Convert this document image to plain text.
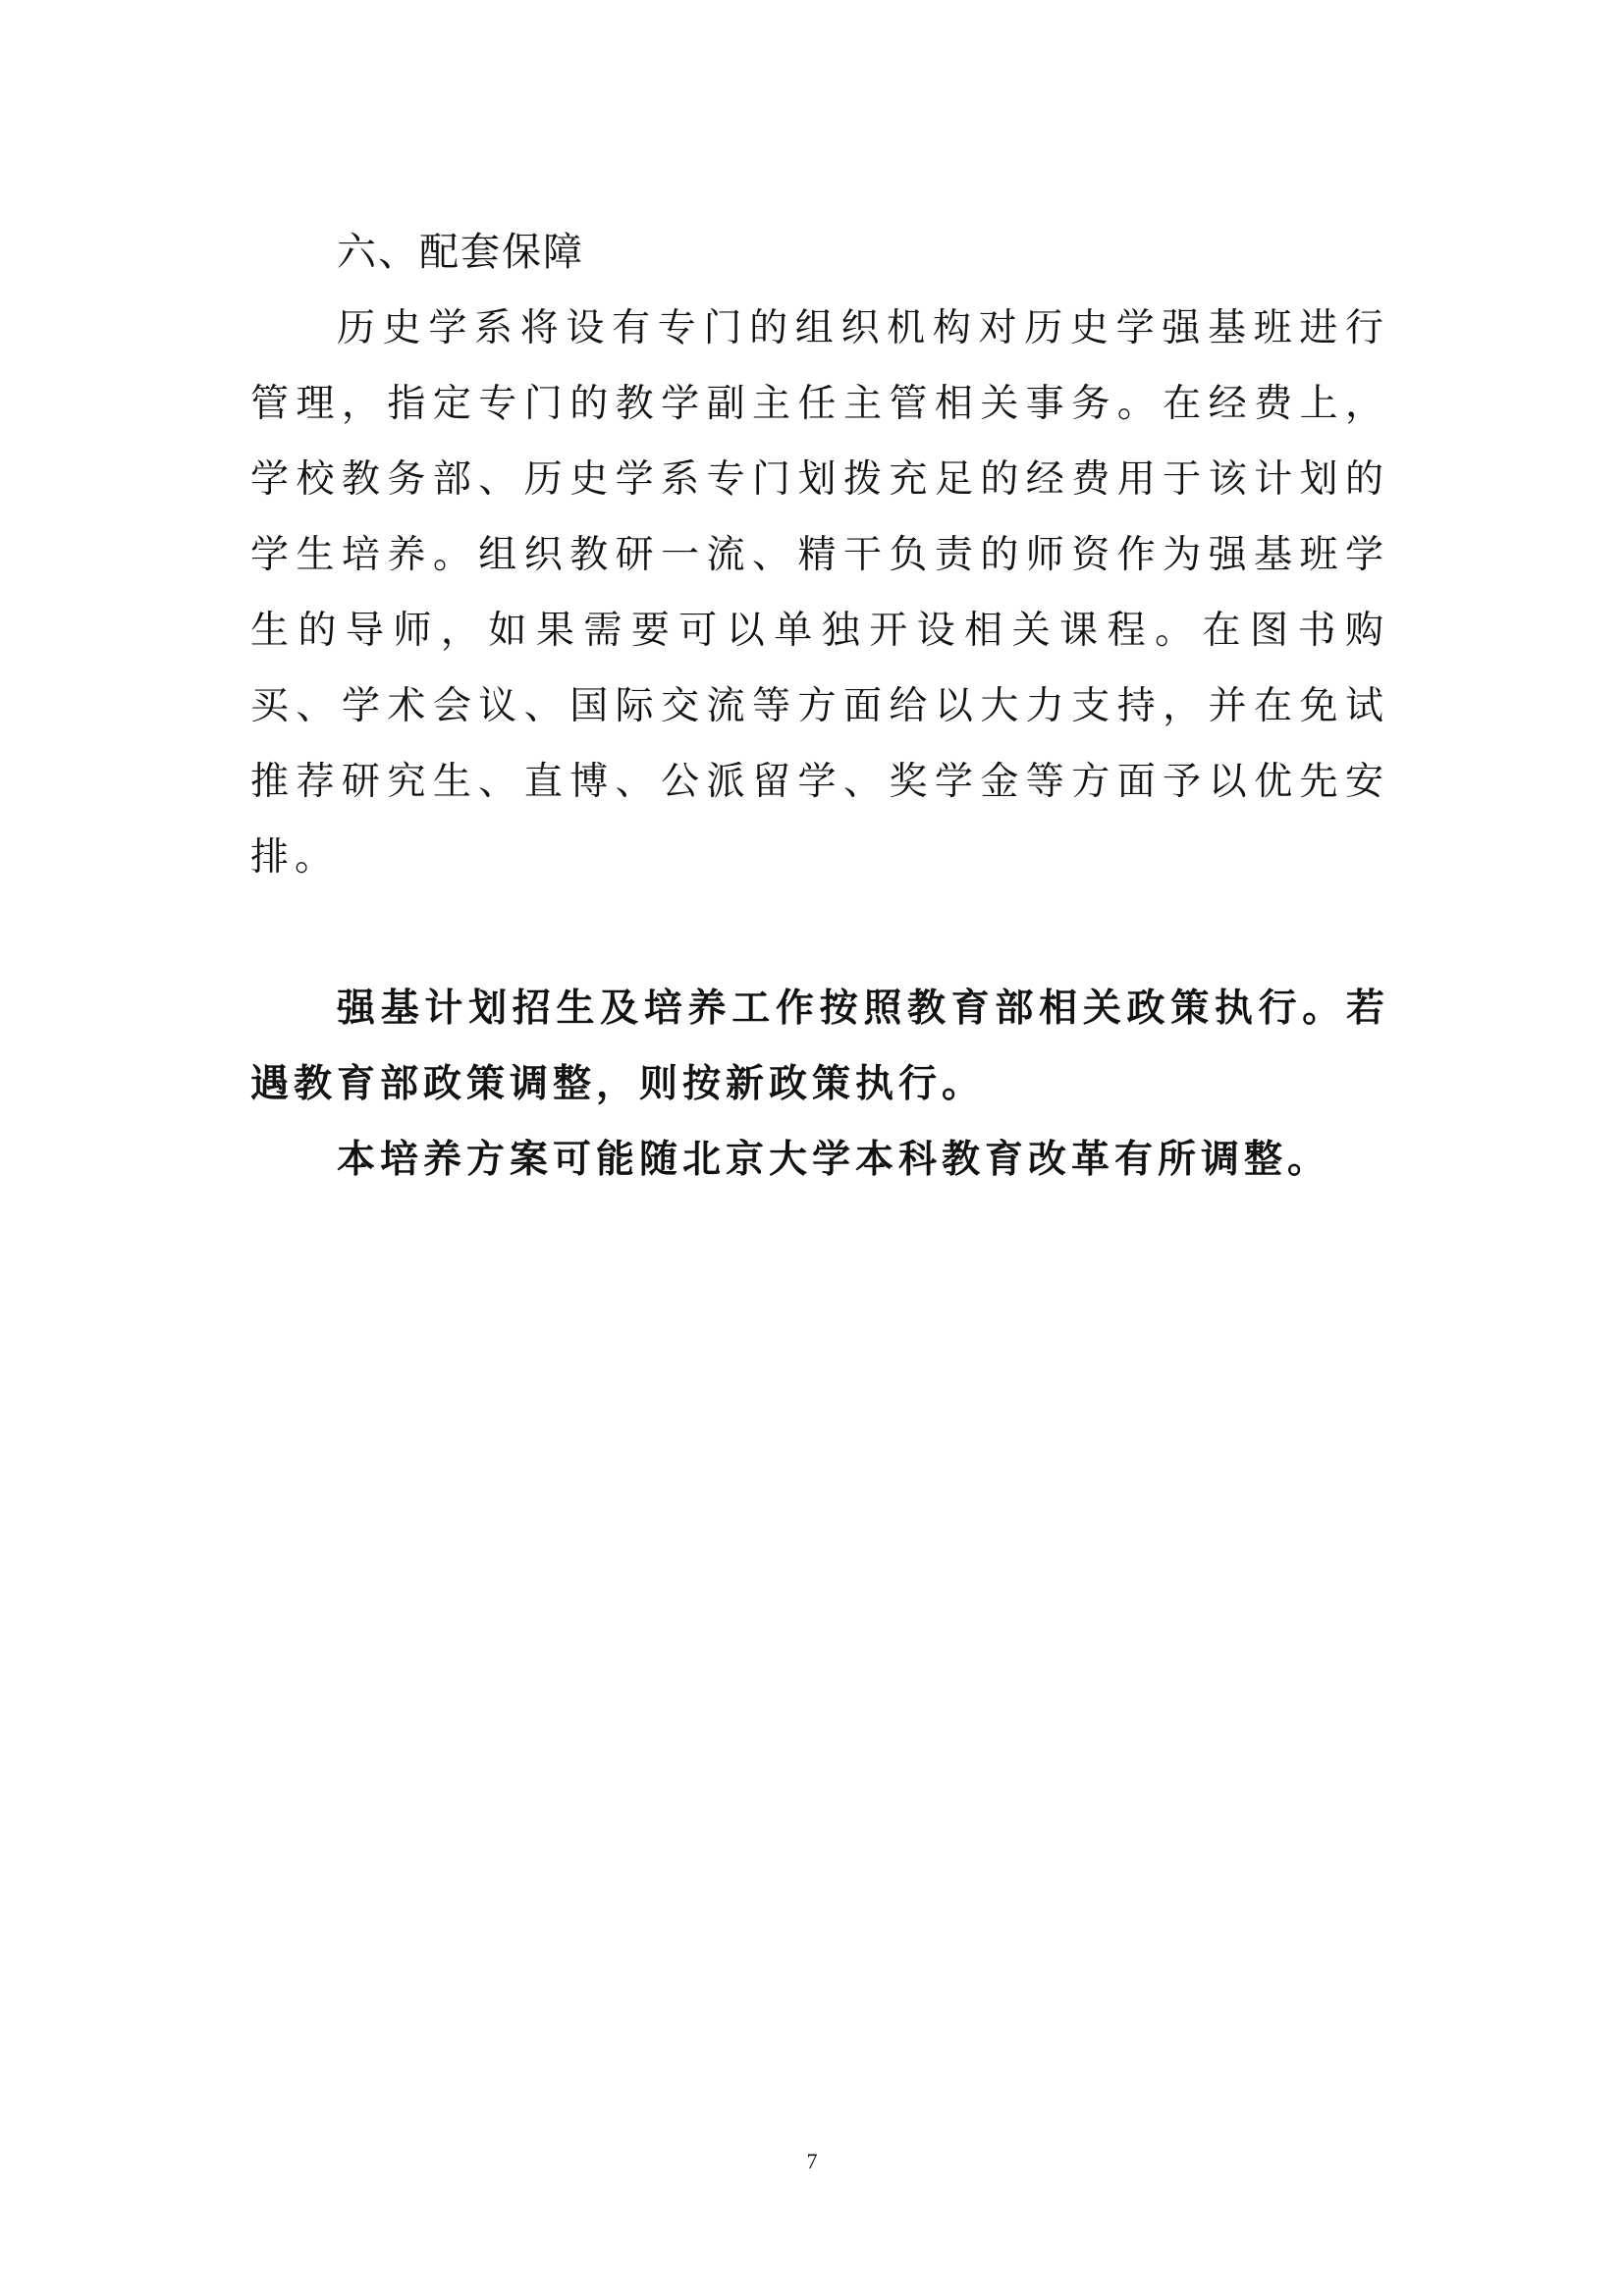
六、配套保障

历史学系将设有专门的组织机构对历史学强基班进行管理，指定专门的教学副主任主管相关事务。在经费上，学校教务部、历史学系专门划拨充足的经费用于该计划的学生培养。组织教研一流、精干负责的师资作为强基班学生的导师，如果需要可以单独开设相关课程。在图书购买、学术会议、国际交流等方面给以大力支持，并在免试推荐研究生、直博、公派留学、奖学金等方面予以优先安排。

强基计划招生及培养工作按照教育部相关政策执行。若遇教育部政策调整，则按新政策执行。

本培养方案可能随北京大学本科教育改革有所调整。

7
